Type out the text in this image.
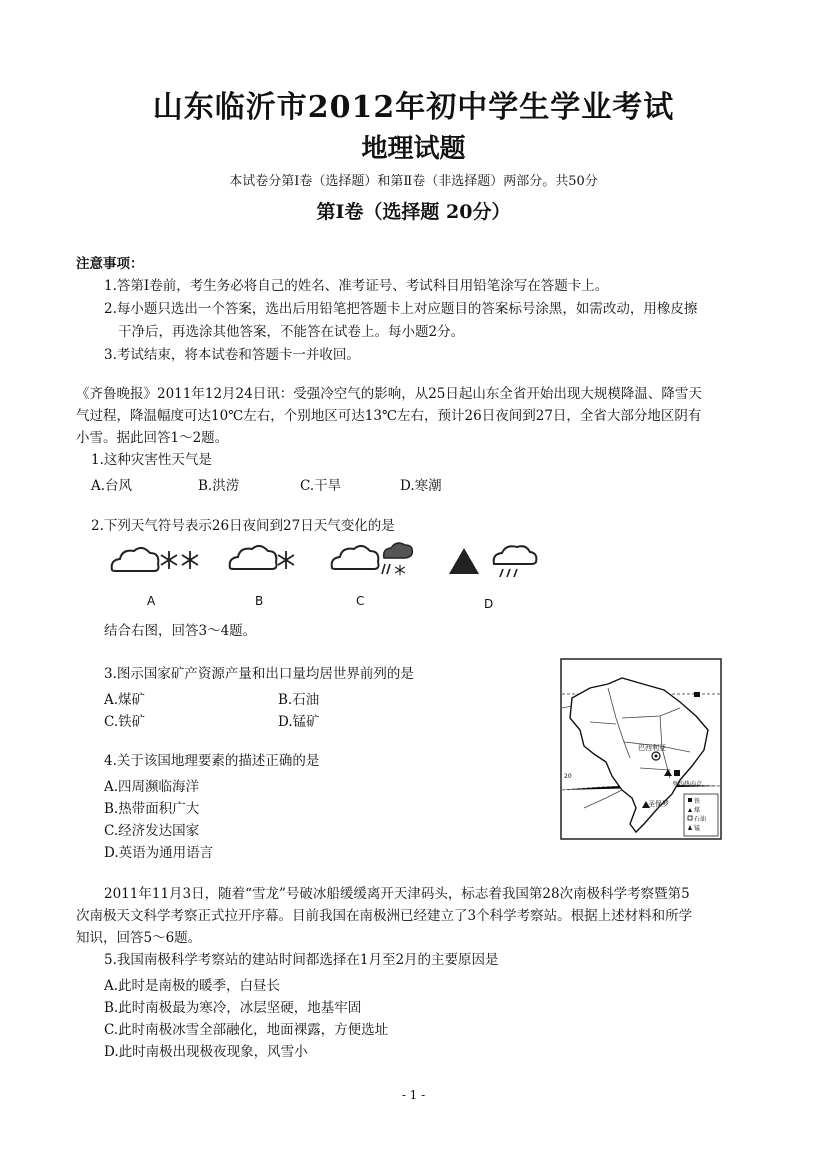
山东临沂市2012年初中学生学业考试
地理试题
本试卷分第Ⅰ卷（选择题）和第Ⅱ卷（非选择题）两部分。共50分
第Ⅰ卷（选择题 20分）
注意事项：
1.答第Ⅰ卷前，考生务必将自己的姓名、准考证号、考试科目用铅笔涂写在答题卡上。
2.每小题只选出一个答案，选出后用铅笔把答题卡上对应题目的答案标号涂黑，如需改动，用橡皮擦
干净后，再选涂其他答案，不能答在试卷上。每小题2分。
3.考试结束，将本试卷和答题卡一并收回。
《齐鲁晚报》2011年12月24日讯：受强冷空气的影响，从25日起山东全省开始出现大规模降温、降雪天
气过程，降温幅度可达10℃左右，个别地区可达13℃左右，预计26日夜间到27日，全省大部分地区阴有
小雪。据此回答1～2题。
1.这种灾害性天气是
A.台风	B.洪涝	C.干旱	D.寒潮
2.下列天气符号表示26日夜间到27日天气变化的是
A	B	C	D
结合右图，回答3～4题。
3.图示国家矿产资源产量和出口量均居世界前列的是
A.煤矿	B.石油
C.铁矿	D.锰矿
4.关于该国地理要素的描述正确的是
A.四周濒临海洋
B.热带面积广大
C.经济发达国家
D.英语为通用语言
铁
煤
石油
锰
巴西利亚
里约热内卢
圣保罗
20
2011年11月3日，随着“雪龙”号破冰船缓缓离开天津码头，标志着我国第28次南极科学考察暨第5
次南极天文科学考察正式拉开序幕。目前我国在南极洲已经建立了3个科学考察站。根据上述材料和所学
知识，回答5～6题。
5.我国南极科学考察站的建站时间都选择在1月至2月的主要原因是
A.此时是南极的暖季，白昼长
B.此时南极最为寒冷，冰层坚硬，地基牢固
C.此时南极冰雪全部融化，地面裸露，方便选址
D.此时南极出现极夜现象，风雪小
- 1 -
